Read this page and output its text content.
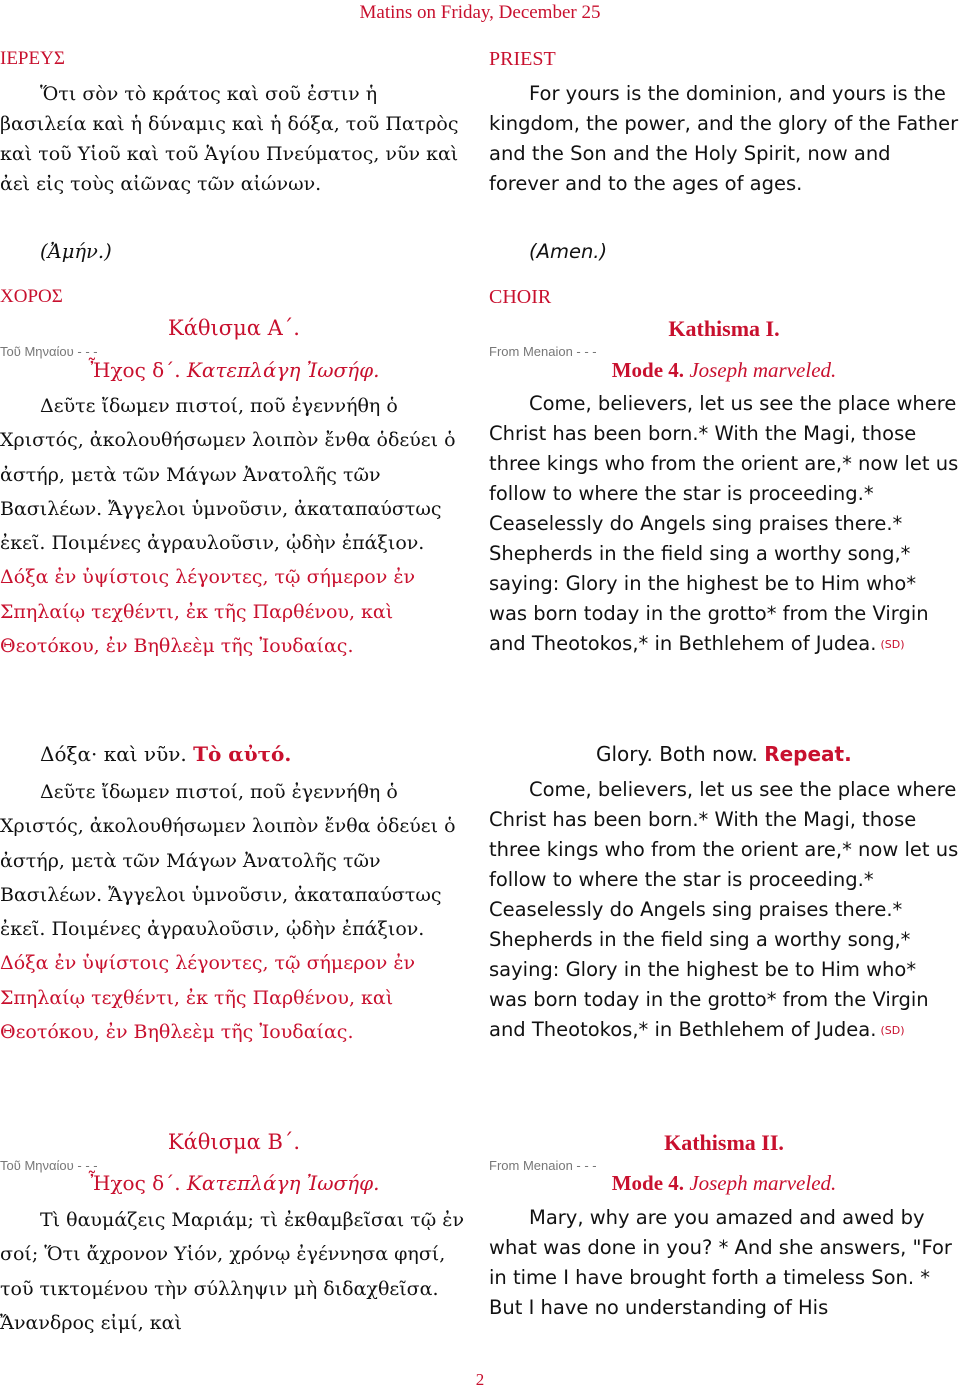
Matins on Friday, December 25
ΙΕΡΕΥΣ

Ὅτι σὸν τὸ κράτος καὶ σοῦ ἐστιν ἡ βασιλεία καὶ ἡ δύναμις καὶ ἡ δόξα, τοῦ Πατρὸς καὶ τοῦ Υἱοῦ καὶ τοῦ Ἁγίου Πνεύματος, νῦν καὶ ἀεὶ εἰς τοὺς αἰῶνας τῶν αἰώνων.

(Ἀμήν.)
ΧΟΡΟΣ
Κάθισμα Α΄.
Τοῦ Μηναίου - - -
Ἦχος δ΄. Κατεπλάγη Ἰωσήφ.

Δεῦτε ἴδωμεν πιστοί, ποῦ ἐγεννήθη ὁ Χριστός, ἀκολουθήσωμεν λοιπὸν ἔνθα ὁδεύει ὁ ἀστήρ, μετὰ τῶν Μάγων Ἀνατολῆς τῶν Βασιλέων. Ἄγγελοι ὑμνοῦσιν, ἀκαταπαύστως ἐκεῖ. Ποιμένες ἀγραυλοῦσιν, ᾠδὴν ἐπάξιον. Δόξα ἐν ὑψίστοις λέγοντες, τῷ σήμερον ἐν Σπηλαίῳ τεχθέντι, ἐκ τῆς Παρθένου, καὶ Θεοτόκου, ἐν Βηθλεὲμ τῆς Ἰουδαίας.

Δόξα· καὶ νῦν. Τὸ αὐτό.

Δεῦτε ἴδωμεν πιστοί, ποῦ ἐγεννήθη ὁ Χριστός, ἀκολουθήσωμεν λοιπὸν ἔνθα ὁδεύει ὁ ἀστήρ, μετὰ τῶν Μάγων Ἀνατολῆς τῶν Βασιλέων. Ἄγγελοι ὑμνοῦσιν, ἀκαταπαύστως ἐκεῖ. Ποιμένες ἀγραυλοῦσιν, ᾠδὴν ἐπάξιον. Δόξα ἐν ὑψίστοις λέγοντες, τῷ σήμερον ἐν Σπηλαίῳ τεχθέντι, ἐκ τῆς Παρθένου, καὶ Θεοτόκου, ἐν Βηθλεὲμ τῆς Ἰουδαίας.

Κάθισμα Β΄.
Τοῦ Μηναίου - - -
Ἦχος δ΄. Κατεπλάγη Ἰωσήφ.

Τὶ θαυμάζεις Μαριάμ; τὶ ἐκθαμβεῖσαι τῷ ἐν σοί; Ὅτι ἄχρονον Υἱόν, χρόνῳ ἐγέννησα φησί, τοῦ τικτομένου τὴν σύλληψιν μὴ διδαχθεῖσα. Ἄνανδρος εἰμί, καὶ

PRIEST

For yours is the dominion, and yours is the kingdom, the power, and the glory of the Father and the Son and the Holy Spirit, now and forever and to the ages of ages.

(Amen.)
CHOIR
Kathisma I.
From Menaion - - -
Mode 4. Joseph marveled.

Come, believers, let us see the place where Christ has been born.* With the Magi, those three kings who from the orient are,* now let us follow to where the star is proceeding.* Ceaselessly do Angels sing praises there.* Shepherds in the field sing a worthy song,* saying: Glory in the highest be to Him who* was born today in the grotto* from the Virgin and Theotokos,* in Bethlehem of Judea. (SD)

Glory. Both now. Repeat.

Come, believers, let us see the place where Christ has been born.* With the Magi, those three kings who from the orient are,* now let us follow to where the star is proceeding.* Ceaselessly do Angels sing praises there.* Shepherds in the field sing a worthy song,* saying: Glory in the highest be to Him who* was born today in the grotto* from the Virgin and Theotokos,* in Bethlehem of Judea. (SD)

Kathisma II.
From Menaion - - -
Mode 4. Joseph marveled.

Mary, why are you amazed and awed by what was done in you? * And she answers, "For in time I have brought forth a timeless Son. * But I have no understanding of His

2
